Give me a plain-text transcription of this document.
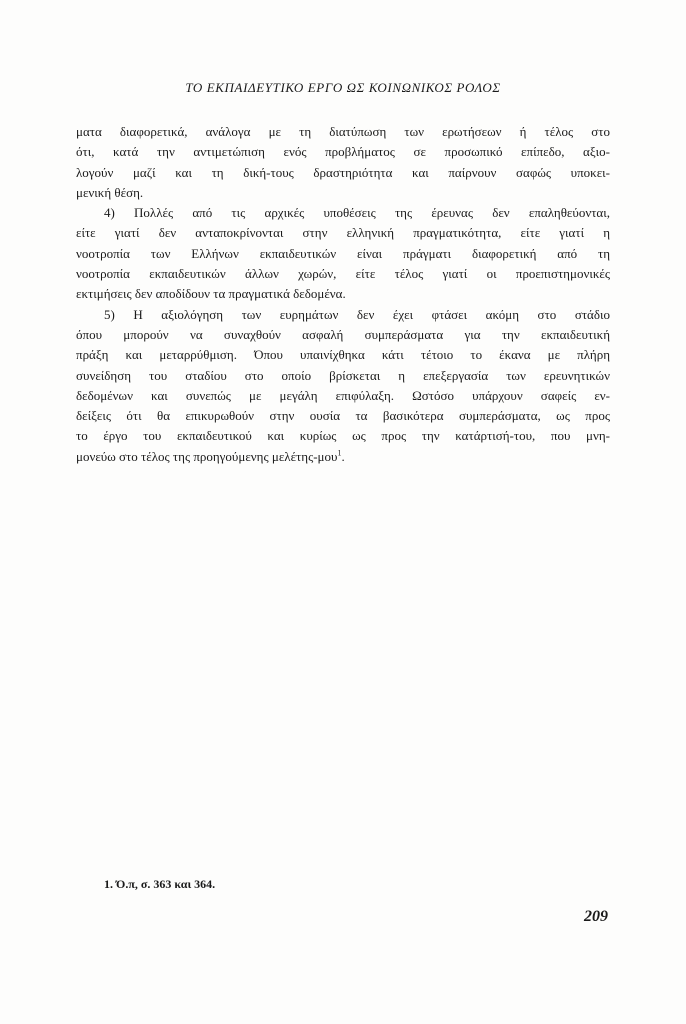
ΤΟ ΕΚΠΑΙΔΕΥΤΙΚΟ ΕΡΓΟ ΩΣ ΚΟΙΝΩΝΙΚΟΣ ΡΟΛΟΣ
ματα διαφορετικά, ανάλογα με τη διατύπωση των ερωτήσεων ή τέλος στο
ότι, κατά την αντιμετώπιση ενός προβλήματος σε προσωπικό επίπεδο, αξιο-
λογούν μαζί και τη δική-τους δραστηριότητα και παίρνουν σαφώς υποκει-
μενική θέση.
4) Πολλές από τις αρχικές υποθέσεις της έρευνας δεν επαληθεύονται,
είτε γιατί δεν ανταποκρίνονται στην ελληνική πραγματικότητα, είτε γιατί η
νοοτροπία των Ελλήνων εκπαιδευτικών είναι πράγματι διαφορετική από τη
νοοτροπία εκπαιδευτικών άλλων χωρών, είτε τέλος γιατί οι προεπιστημονικές
εκτιμήσεις δεν αποδίδουν τα πραγματικά δεδομένα.
5) Η αξιολόγηση των ευρημάτων δεν έχει φτάσει ακόμη στο στάδιο
όπου μπορούν να συναχθούν ασφαλή συμπεράσματα για την εκπαιδευτική
πράξη και μεταρρύθμιση. Όπου υπαινίχθηκα κάτι τέτοιο το έκανα με πλήρη
συνείδηση του σταδίου στο οποίο βρίσκεται η επεξεργασία των ερευνητικών
δεδομένων και συνεπώς με μεγάλη επιφύλαξη. Ωστόσο υπάρχουν σαφείς εν-
δείξεις ότι θα επικυρωθούν στην ουσία τα βασικότερα συμπεράσματα, ως προς
το έργο του εκπαιδευτικού και κυρίως ως προς την κατάρτισή-του, που μνη-
μονεύω στο τέλος της προηγούμενης μελέτης-μου$^1$.
1. Ό.π, σ. 363 και 364.
209
